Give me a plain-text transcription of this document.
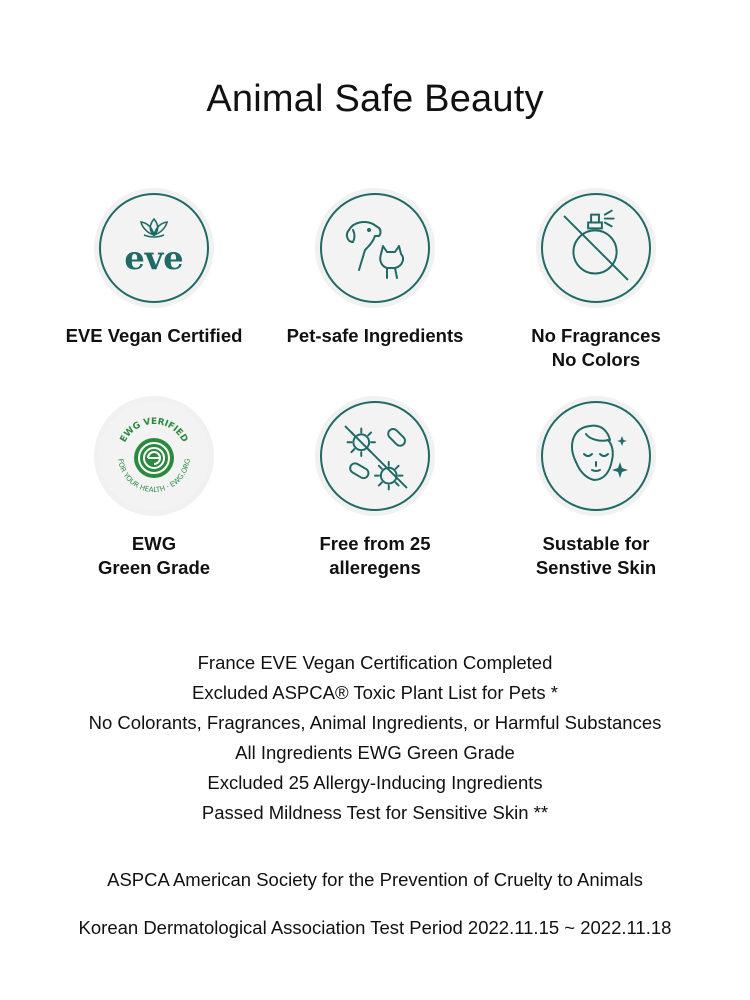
Animal Safe Beauty
eve
EVE Vegan Certified	Pet-safe Ingredients	No Fragrances
No Colors
EWG VERIFIED
FOR YOUR HEALTH · EWG.ORG
EWG
Green Grade
Free from 25
alleregens
Sustable for
Senstive Skin
France EVE Vegan Certification Completed
Excluded ASPCA® Toxic Plant List for Pets *
No Colorants, Fragrances, Animal Ingredients, or Harmful Substances
All Ingredients EWG Green Grade
Excluded 25 Allergy-Inducing Ingredients
Passed Mildness Test for Sensitive Skin **
ASPCA American Society for the Prevention of Cruelty to Animals
Korean Dermatological Association Test Period 2022.11.15 ~ 2022.11.18
